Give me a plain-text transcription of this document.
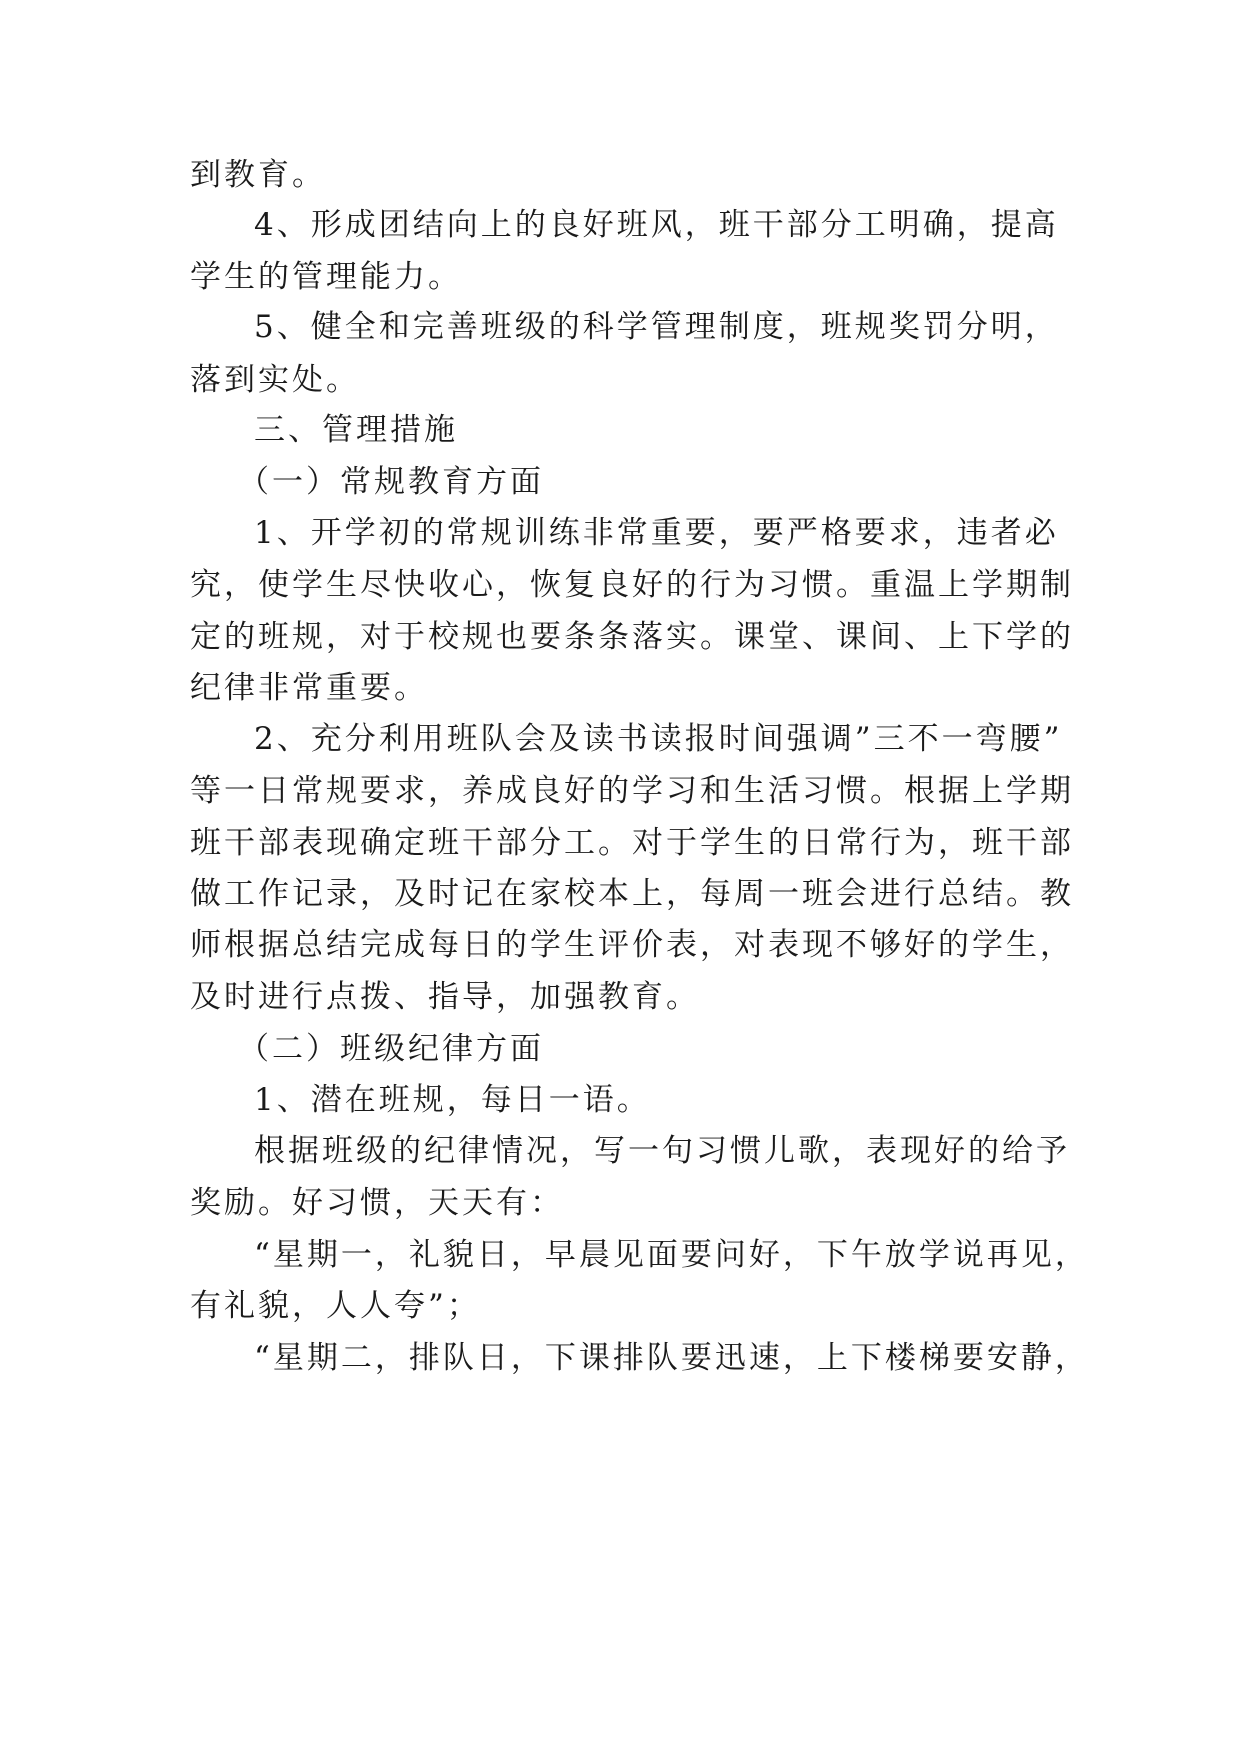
到教育。
4、形成团结向上的良好班风，班干部分工明确，提高
学生的管理能力。
5、健全和完善班级的科学管理制度，班规奖罚分明，
落到实处。
三、管理措施
（一）常规教育方面
1、开学初的常规训练非常重要，要严格要求，违者必
究，使学生尽快收心，恢复良好的行为习惯。重温上学期制
定的班规，对于校规也要条条落实。课堂、课间、上下学的
纪律非常重要。
2、充分利用班队会及读书读报时间强调”三不一弯腰”
等一日常规要求，养成良好的学习和生活习惯。根据上学期
班干部表现确定班干部分工。对于学生的日常行为，班干部
做工作记录，及时记在家校本上，每周一班会进行总结。教
师根据总结完成每日的学生评价表，对表现不够好的学生，
及时进行点拨、指导，加强教育。
（二）班级纪律方面
1、潜在班规，每日一语。
根据班级的纪律情况，写一句习惯儿歌，表现好的给予
奖励。好习惯，天天有：
“星期一，礼貌日，早晨见面要问好，下午放学说再见，
有礼貌，人人夸”；
“星期二，排队日，下课排队要迅速，上下楼梯要安静，
